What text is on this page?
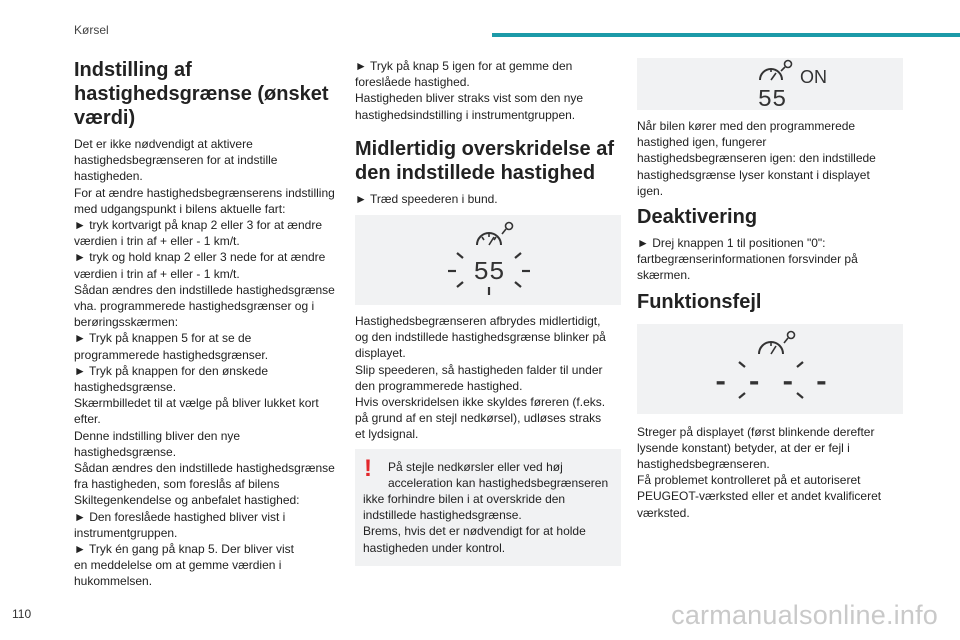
Kørsel
Indstilling af hastighedsgrænse (ønsket værdi)

Det er ikke nødvendigt at aktivere

hastighedsbegrænseren for at indstille

hastigheden.

For at ændre hastighedsbegrænserens indstilling

med udgangspunkt i bilens aktuelle fart:

► tryk kortvarigt på knap 2 eller 3 for at ændre

værdien i trin af + eller - 1 km/t.

► tryk og hold knap 2 eller 3 nede for at ændre

værdien i trin af + eller - 1 km/t.

Sådan ændres den indstillede hastighedsgrænse

vha. programmerede hastighedsgrænser og i

berøringsskærmen:

► Tryk på knappen 5 for at se de

programmerede hastighedsgrænser.

► Tryk på knappen for den ønskede

hastighedsgrænse.

Skærmbilledet til at vælge på bliver lukket kort

efter.

Denne indstilling bliver den nye

hastighedsgrænse.

Sådan ændres den indstillede hastighedsgrænse

fra hastigheden, som foreslås af bilens

Skiltegenkendelse og anbefalet hastighed:

► Den foreslåede hastighed bliver vist i

instrumentgruppen.

► Tryk én gang på knap 5. Der bliver vist

en meddelelse om at gemme værdien i

hukommelsen.

► Tryk på knap 5 igen for at gemme den

foreslåede hastighed.

Hastigheden bliver straks vist som den nye

hastighedsindstilling i instrumentgruppen.

Midlertidig overskridelse af den indstillede hastighed

► Træd speederen i bund.

55

Hastighedsbegrænseren afbrydes midlertidigt,

og den indstillede hastighedsgrænse blinker på

displayet.

Slip speederen, så hastigheden falder til under

den programmerede hastighed.

Hvis overskridelsen ikke skyldes føreren (f.eks.

på grund af en stejl nedkørsel), udløses straks

et lydsignal.

!	På stejle nedkørsler eller ved høj

acceleration kan hastighedsbegrænseren

ikke forhindre bilen i at overskride den

indstillede hastighedsgrænse.

Brems, hvis det er nødvendigt for at holde

hastigheden under kontrol.

ON
55

Når bilen kører med den programmerede

hastighed igen, fungerer

hastighedsbegrænseren igen: den indstillede

hastighedsgrænse lyser konstant i displayet

igen.

Deaktivering

► Drej knappen 1 til positionen "0":

fartbegrænserinformationen forsvinder på

skærmen.

Funktionsfejl
- - - -

Streger på displayet (først blinkende derefter

lysende konstant) betyder, at der er fejl i

hastighedsbegrænseren.

Få problemet kontrolleret på et autoriseret

PEUGEOT-værksted eller et andet kvalificeret

værksted.

110	carmanualsonline.info
